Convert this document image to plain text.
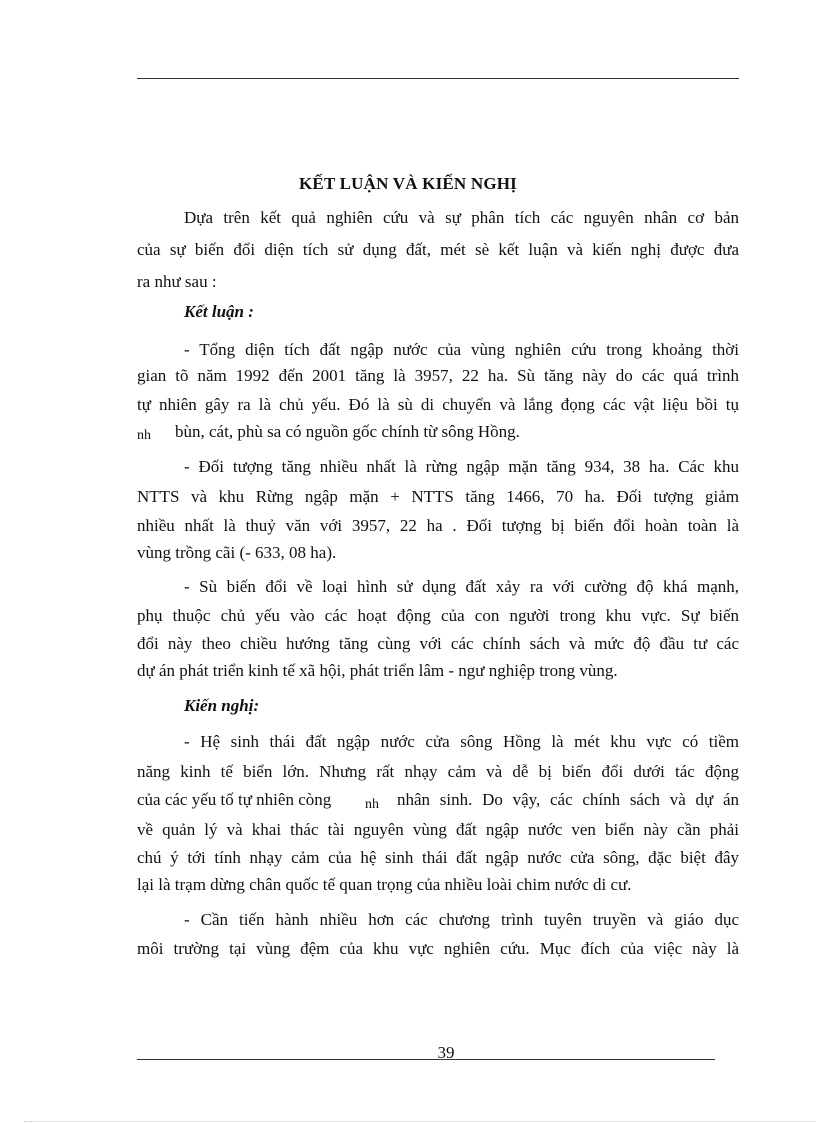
KẾT LUẬN VÀ KIẾN NGHỊ
Dựa trên kết quả nghiên cứu và sự phân tích các nguyên nhân cơ bản
của sự biến đổi diện tích sử dụng đất, mét sè kết luận và kiến nghị được đưa
ra như sau :
Kết luận :
- Tổng diện tích đất ngập nước của vùng nghiên cứu trong khoảng thời
gian tõ năm 1992 đến 2001 tăng là 3957, 22 ha. Sù tăng này do các quá trình
tự nhiên gây ra là chủ yếu. Đó là sù di chuyển và lắng đọng các vật liệu bồi tụ
nh bùn, cát, phù sa có nguồn gốc chính từ sông Hồng.
- Đối tượng tăng nhiều nhất là rừng ngập mặn tăng 934, 38 ha. Các khu
NTTS và khu Rừng ngập mặn + NTTS tăng 1466, 70 ha. Đối tượng giảm
nhiều nhất là thuỷ văn với 3957, 22 ha . Đối tượng bị biến đổi hoàn toàn là
vùng trồng cãi (- 633, 08 ha).
- Sù biến đổi về loại hình sử dụng đất xảy ra với cường độ khá mạnh,
phụ thuộc chủ yếu vào các hoạt động của con người trong khu vực. Sự biến
đổi này theo chiều hướng tăng cùng với các chính sách và mức độ đầu tư các
dự án phát triển kinh tế xã hội, phát triển lâm - ngư nghiệp trong vùng.
Kiến nghị:
- Hệ sinh thái đất ngập nước cửa sông Hồng là mét khu vực có tiềm
năng kinh tế biển lớn. Nhưng rất nhạy cảm và dễ bị biến đổi dưới tác động
của các yếu tố tự nhiên còng	nh nhân sinh. Do vậy, các chính sách và dự án
về quản lý và khai thác tài nguyên vùng đất ngập nước ven biển này cần phải
chú ý tới tính nhạy cảm của hệ sinh thái đất ngập nước cửa sông, đặc biệt đây
lại là trạm dừng chân quốc tế quan trọng của nhiều loài chim nước di cư.
- Cần tiến hành nhiều hơn các chương trình tuyên truyền và giáo dục
môi trường tại vùng đệm của khu vực nghiên cứu. Mục đích của việc này là
39
